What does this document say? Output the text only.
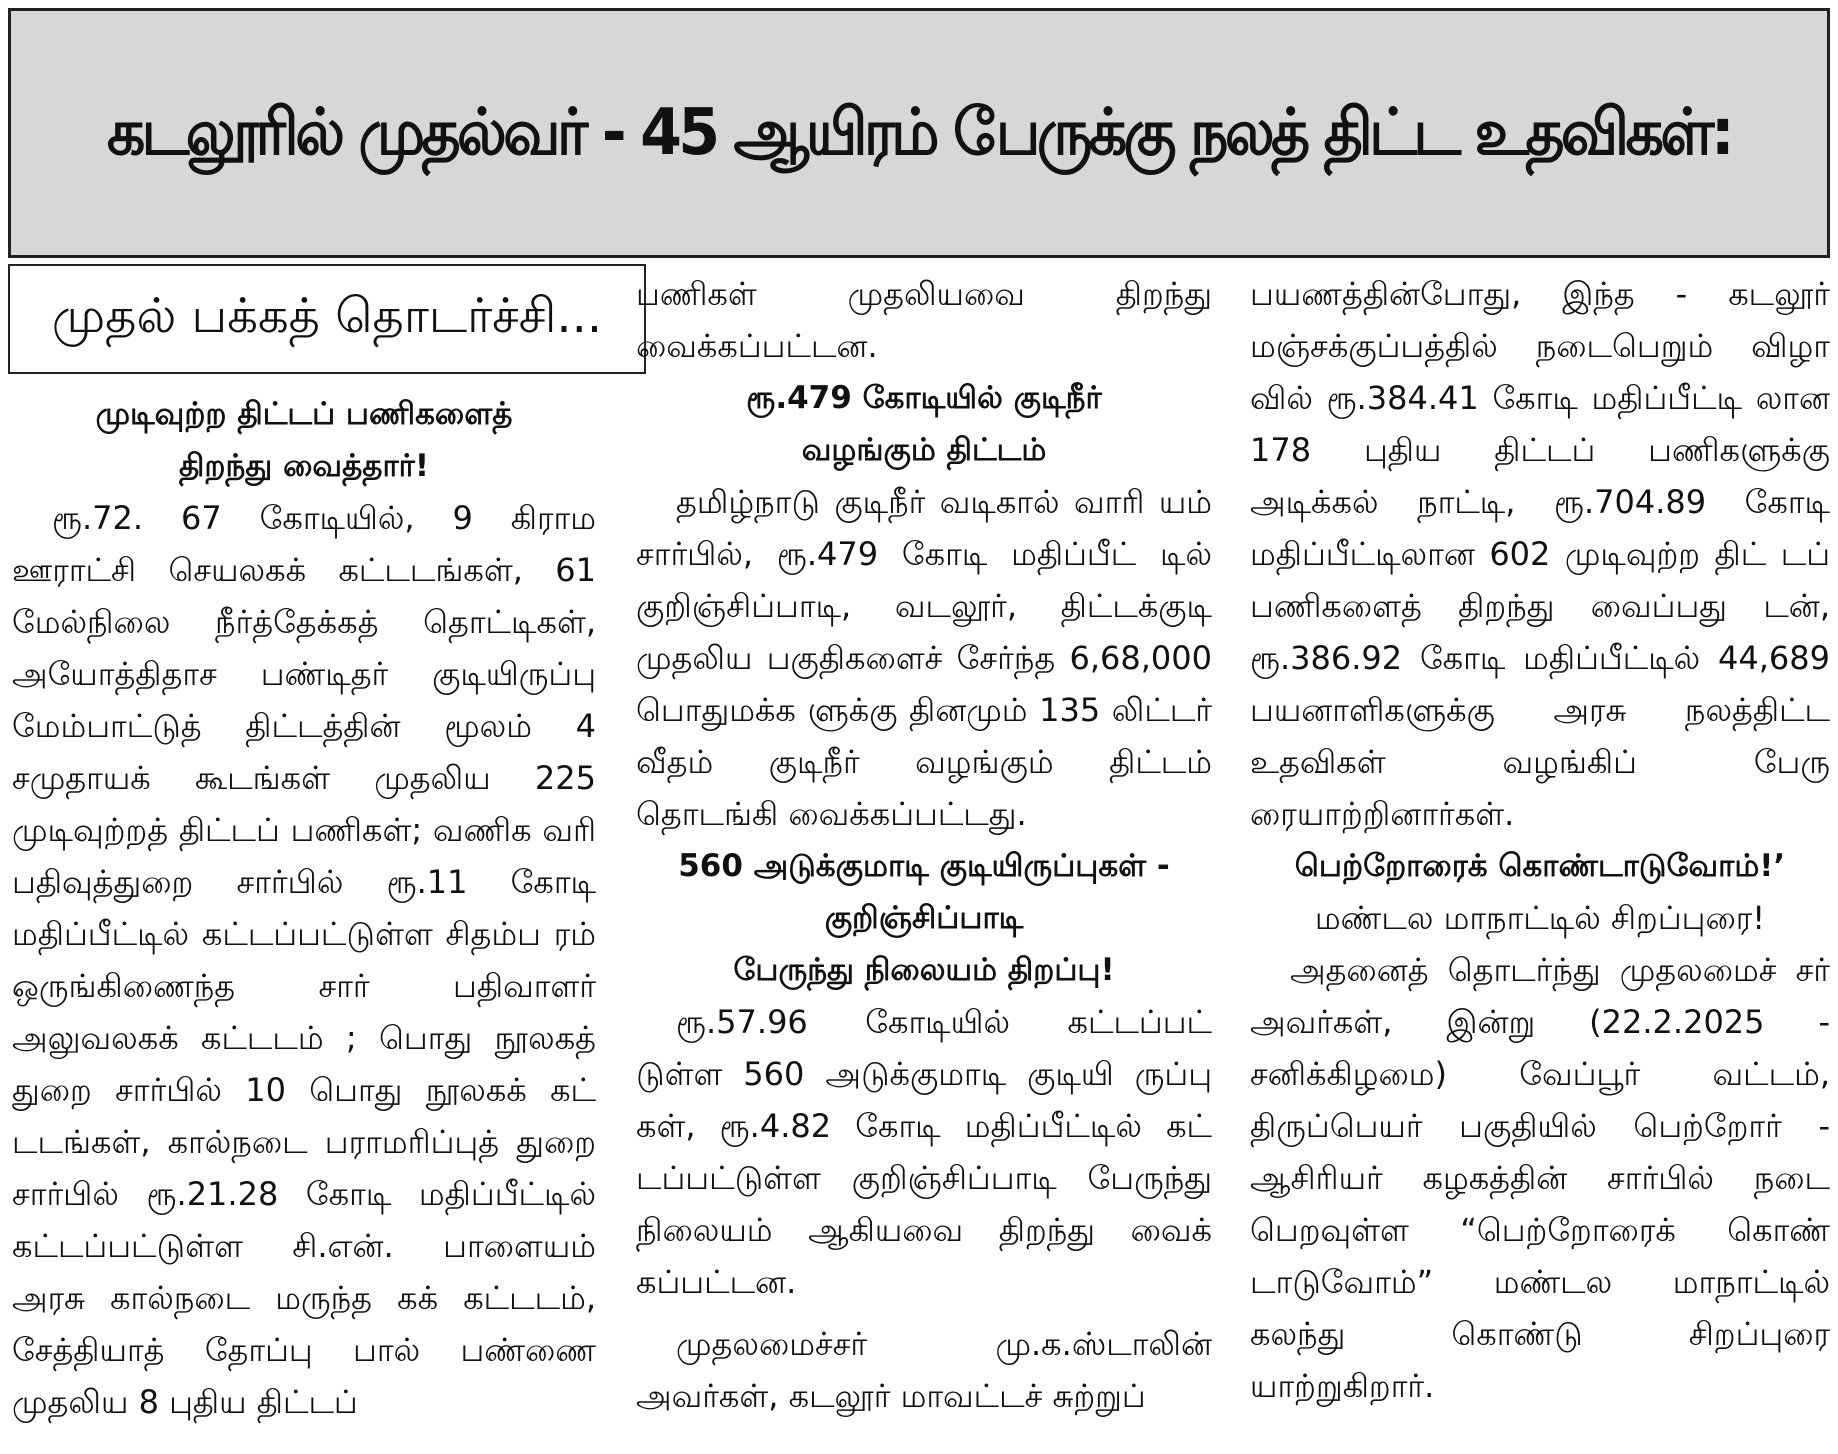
கடலூரில் முதல்வர் - 45 ஆயிரம் பேருக்கு நலத் திட்ட உதவிகள்:
முதல் பக்கத் தொடர்ச்சி...
முடிவுற்ற திட்டப் பணிகளைத்
திறந்து வைத்தார்!

ரூ.72. 67 கோடியில், 9 கிராம ஊராட்சி செயலகக் கட்டடங்கள், 61 மேல்நிலை நீர்த்தேக்கத் தொட்டிகள், அயோத்திதாச பண்டிதர் குடியிருப்பு மேம்பாட்டுத் திட்டத்தின் மூலம் 4 சமுதாயக் கூடங்கள் முதலிய 225 முடிவுற்றத் திட்டப் பணிகள்; வணிக வரி பதிவுத்துறை சார்பில் ரூ.11 கோடி மதிப்பீட்டில் கட்டப்பட்டுள்ள சிதம்ப ரம் ஒருங்கிணைந்த சார் பதிவாளர் அலுவலகக் கட்டடம் ; பொது நூலகத் துறை சார்பில் 10 பொது நூலகக் கட் டடங்கள், கால்நடை பராமரிப்புத் துறை சார்பில் ரூ.21.28 கோடி மதிப்பீட்டில் கட்டப்பட்டுள்ள சி.என். பாளையம் அரசு கால்நடை மருந்த கக் கட்டடம், சேத்தியாத் தோப்பு பால் பண்ணை முதலிய 8 புதிய திட்டப்

பணிகள் முதலியவை திறந்து வைக்கப்பட்டன.

ரூ.479 கோடியில் குடிநீர்
வழங்கும் திட்டம்

தமிழ்நாடு குடிநீர் வடிகால் வாரி யம் சார்பில், ரூ.479 கோடி மதிப்பீட் டில் குறிஞ்சிப்பாடி, வடலூர், திட்டக்குடி முதலிய பகுதிகளைச் சேர்ந்த 6,68,000 பொதுமக்க ளுக்கு தினமும் 135 லிட்டர் வீதம் குடிநீர் வழங்கும் திட்டம் தொடங்கி வைக்கப்பட்டது.

560 அடுக்குமாடி குடியிருப்புகள் -
குறிஞ்சிப்பாடி
பேருந்து நிலையம் திறப்பு!

ரூ.57.96 கோடியில் கட்டப்பட் டுள்ள 560 அடுக்குமாடி குடியி ருப்பு கள், ரூ.4.82 கோடி மதிப்பீட்டில் கட் டப்பட்டுள்ள குறிஞ்சிப்பாடி பேருந்து நிலையம் ஆகியவை திறந்து வைக் கப்பட்டன.

முதலமைச்சர் மு.க.ஸ்டாலின் அவர்கள், கடலூர் மாவட்டச் சுற்றுப்

பயணத்தின்போது, இந்த - கடலூர் மஞ்சக்குப்பத்தில் நடைபெறும் விழா வில் ரூ.384.41 கோடி மதிப்பீட்டி லான 178 புதிய திட்டப் பணிகளுக்கு அடிக்கல் நாட்டி, ரூ.704.89 கோடி மதிப்பீட்டிலான 602 முடிவுற்ற திட் டப் பணிகளைத் திறந்து வைப்பது டன், ரூ.386.92 கோடி மதிப்பீட்டில் 44,689 பயனாளிகளுக்கு அரசு நலத்திட்ட உதவிகள் வழங்கிப் பேரு ரையாற்றினார்கள்.

பெற்றோரைக் கொண்டாடுவோம்!’

மண்டல மாநாட்டில் சிறப்புரை!

அதனைத் தொடர்ந்து முதலமைச் சர் அவர்கள், இன்று (22.2.2025 - சனிக்கிழமை) வேப்பூர் வட்டம், திருப்பெயர் பகுதியில் பெற்றோர் - ஆசிரியர் கழகத்தின் சார்பில் நடை பெறவுள்ள “பெற்றோரைக் கொண் டாடுவோம்” மண்டல மாநாட்டில் கலந்து கொண்டு சிறப்புரை யாற்றுகிறார்.
